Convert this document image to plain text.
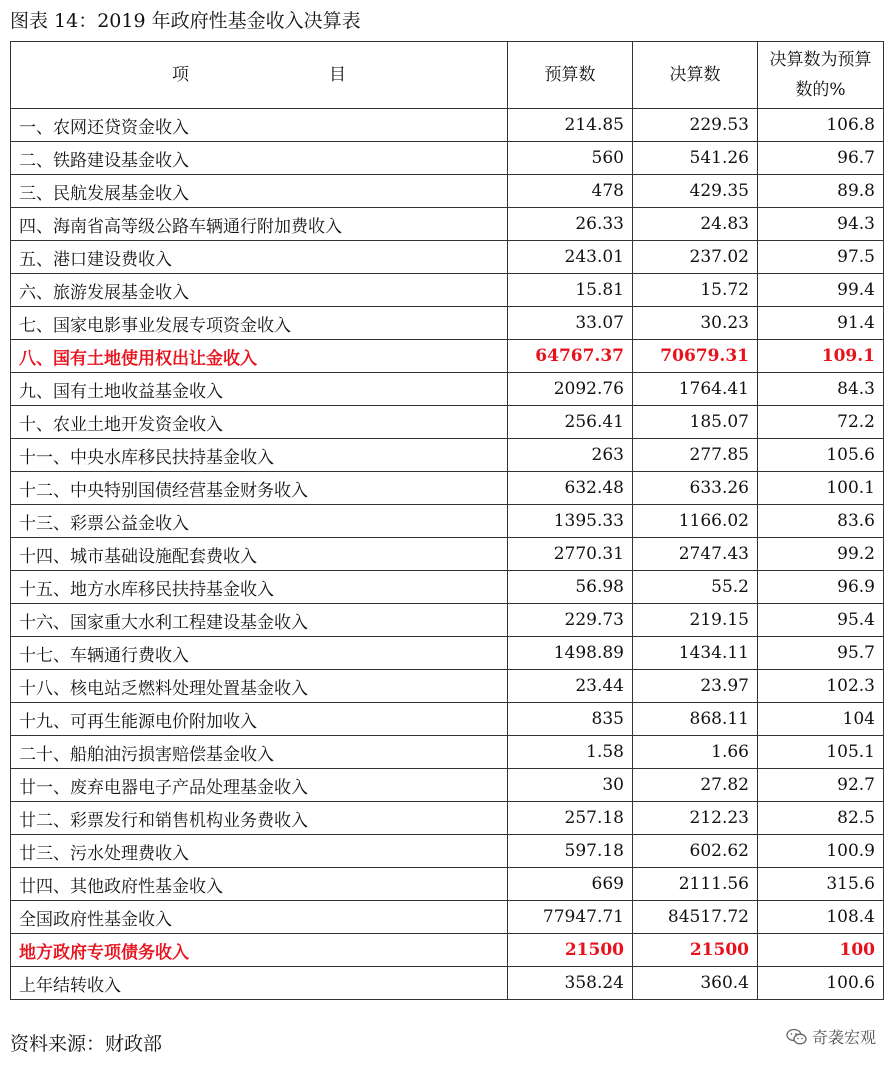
图表 14：2019 年政府性基金收入决算表
项 目	预算数	决算数	决算数为预算数的%
一、农网还贷资金收入	214.85	229.53	106.8
二、铁路建设基金收入	560	541.26	96.7
三、民航发展基金收入	478	429.35	89.8
四、海南省高等级公路车辆通行附加费收入	26.33	24.83	94.3
五、港口建设费收入	243.01	237.02	97.5
六、旅游发展基金收入	15.81	15.72	99.4
七、国家电影事业发展专项资金收入	33.07	30.23	91.4
八、国有土地使用权出让金收入	64767.37	70679.31	109.1
九、国有土地收益基金收入	2092.76	1764.41	84.3
十、农业土地开发资金收入	256.41	185.07	72.2
十一、中央水库移民扶持基金收入	263	277.85	105.6
十二、中央特别国债经营基金财务收入	632.48	633.26	100.1
十三、彩票公益金收入	1395.33	1166.02	83.6
十四、城市基础设施配套费收入	2770.31	2747.43	99.2
十五、地方水库移民扶持基金收入	56.98	55.2	96.9
十六、国家重大水利工程建设基金收入	229.73	219.15	95.4
十七、车辆通行费收入	1498.89	1434.11	95.7
十八、核电站乏燃料处理处置基金收入	23.44	23.97	102.3
十九、可再生能源电价附加收入	835	868.11	104
二十、船舶油污损害赔偿基金收入	1.58	1.66	105.1
廿一、废弃电器电子产品处理基金收入	30	27.82	92.7
廿二、彩票发行和销售机构业务费收入	257.18	212.23	82.5
廿三、污水处理费收入	597.18	602.62	100.9
廿四、其他政府性基金收入	669	2111.56	315.6
全国政府性基金收入	77947.71	84517.72	108.4
地方政府专项债务收入	21500	21500	100
上年结转收入	358.24	360.4	100.6
资料来源：财政部	奇袭宏观
